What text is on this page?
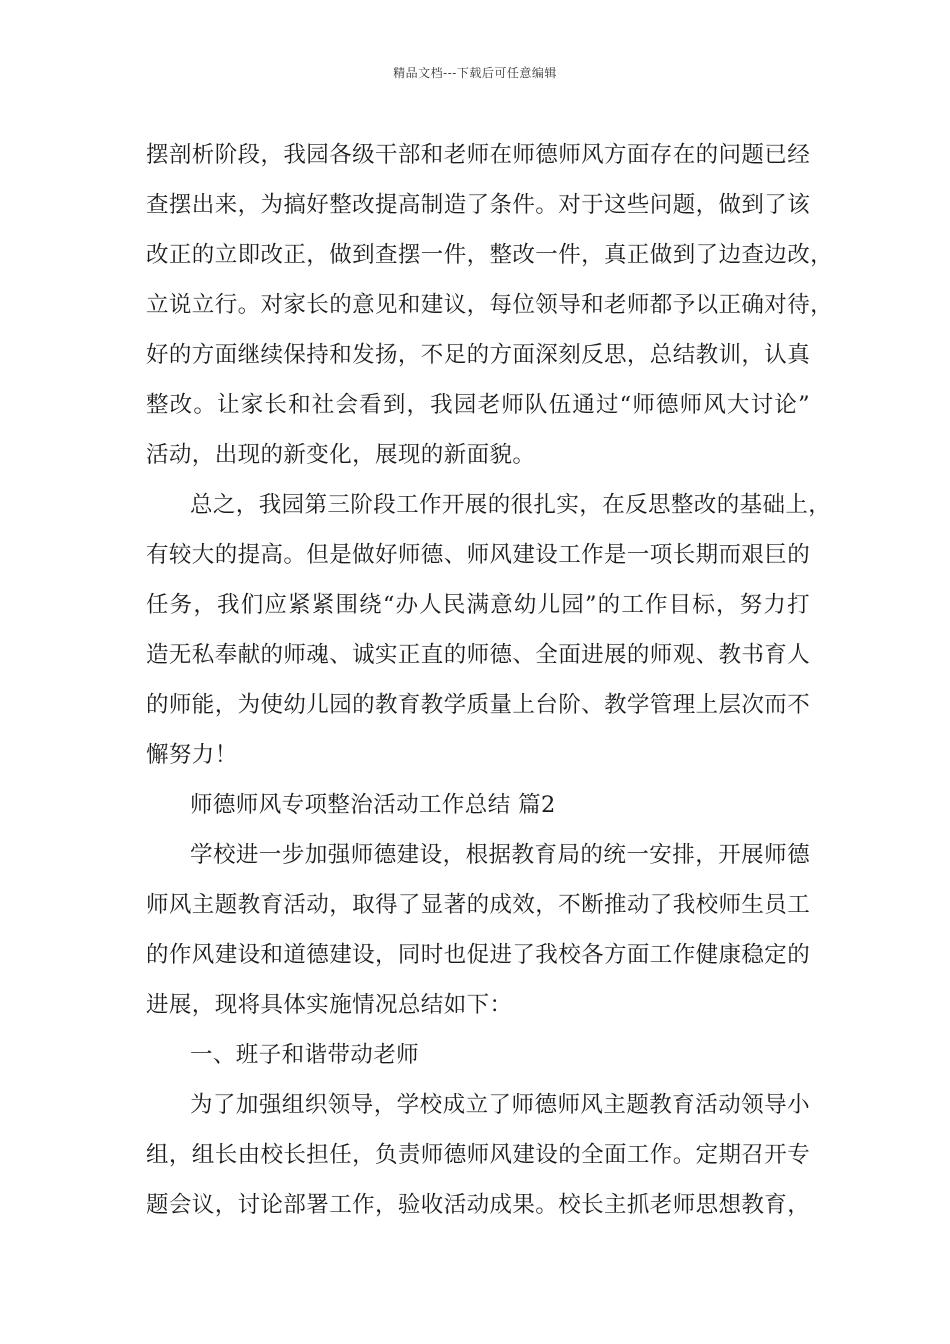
精品文档---下载后可任意编辑
摆剖析阶段，我园各级干部和老师在师德师风方面存在的问题已经
查摆出来，为搞好整改提高制造了条件。对于这些问题，做到了该
改正的立即改正，做到查摆一件，整改一件，真正做到了边查边改，
立说立行。对家长的意见和建议，每位领导和老师都予以正确对待，
好的方面继续保持和发扬，不足的方面深刻反思，总结教训，认真
整改。让家长和社会看到，我园老师队伍通过“师德师风大讨论”
活动，出现的新变化，展现的新面貌。
总之，我园第三阶段工作开展的很扎实，在反思整改的基础上，
有较大的提高。但是做好师德、师风建设工作是一项长期而艰巨的
任务，我们应紧紧围绕“办人民满意幼儿园”的工作目标，努力打
造无私奉献的师魂、诚实正直的师德、全面进展的师观、教书育人
的师能，为使幼儿园的教育教学质量上台阶、教学管理上层次而不
懈努力！
师德师风专项整治活动工作总结 篇2
学校进一步加强师德建设，根据教育局的统一安排，开展师德
师风主题教育活动，取得了显著的成效，不断推动了我校师生员工
的作风建设和道德建设，同时也促进了我校各方面工作健康稳定的
进展，现将具体实施情况总结如下：
一、班子和谐带动老师
为了加强组织领导，学校成立了师德师风主题教育活动领导小
组，组长由校长担任，负责师德师风建设的全面工作。定期召开专
题会议，讨论部署工作，验收活动成果。校长主抓老师思想教育，
